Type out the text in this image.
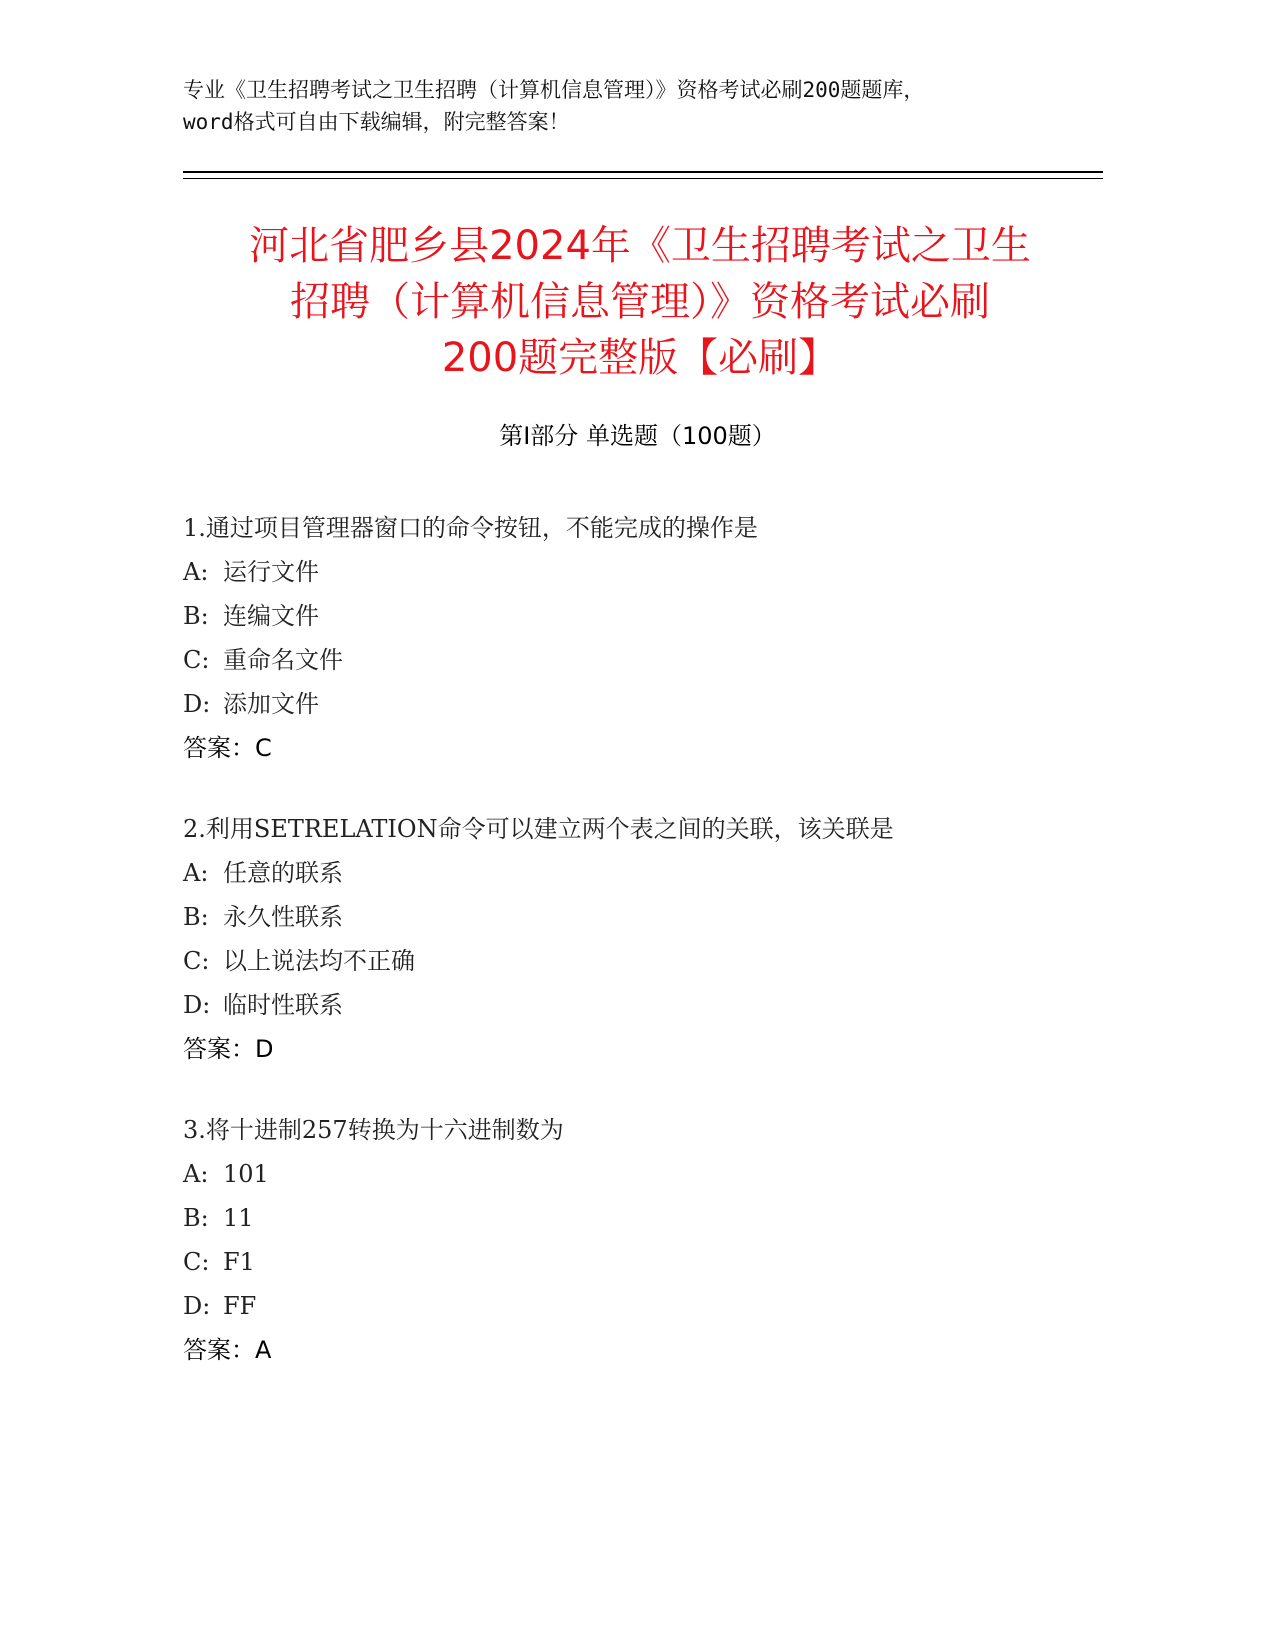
专业《卫生招聘考试之卫生招聘（计算机信息管理）》资格考试必刷200题题库，
word格式可自由下载编辑，附完整答案！
河北省肥乡县2024年《卫生招聘考试之卫生
招聘（计算机信息管理）》资格考试必刷
200题完整版【必刷】
第Ⅰ部分 单选题（100题）
1.通过项目管理器窗口的命令按钮，不能完成的操作是
A: 运行文件
B: 连编文件
C: 重命名文件
D: 添加文件
答案：C
2.利用SETRELATION命令可以建立两个表之间的关联，该关联是
A: 任意的联系
B: 永久性联系
C: 以上说法均不正确
D: 临时性联系
答案：D
3.将十进制257转换为十六进制数为
A: 101
B: 11
C: F1
D: FF
答案：A
